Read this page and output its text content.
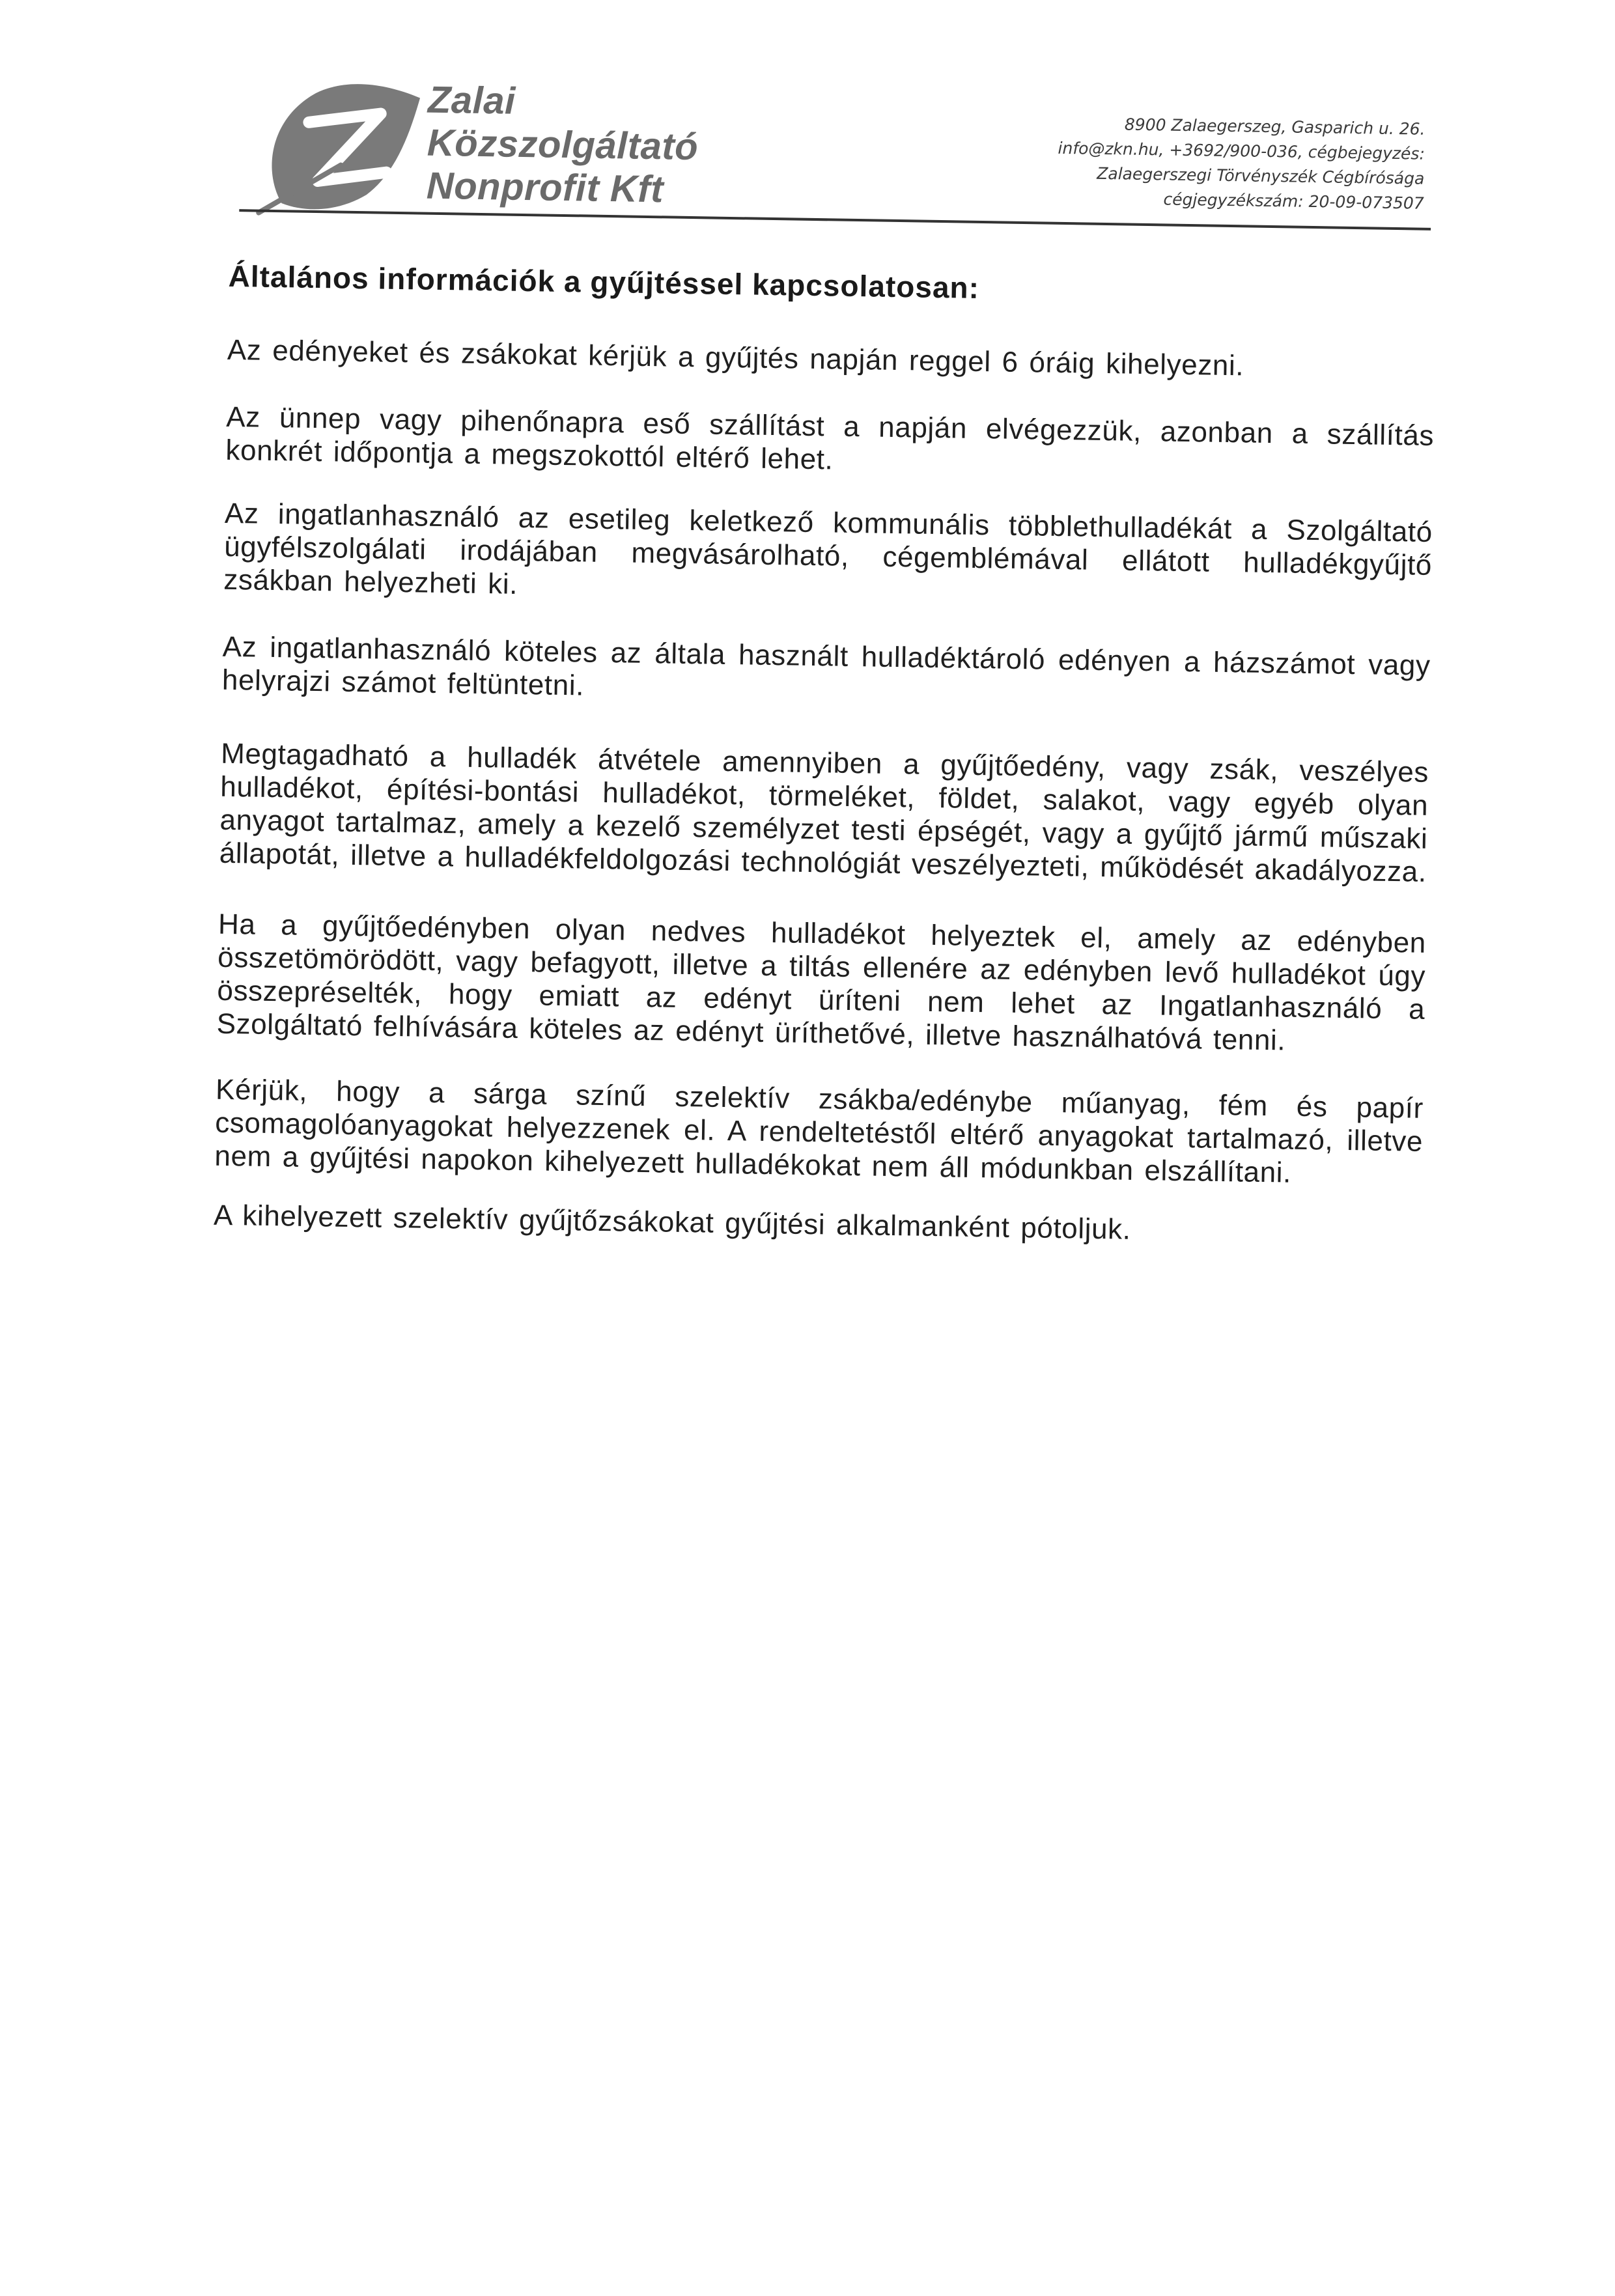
Zalai
Közszolgáltató
Nonprofit Kft
8900 Zalaegerszeg, Gasparich u. 26.
info@zkn.hu, +3692/900-036, cégbejegyzés:
Zalaegerszegi Törvényszék Cégbírósága
cégjegyzékszám: 20-09-073507
Általános információk a gyűjtéssel kapcsolatosan:

Az edényeket és zsákokat kérjük a gyűjtés napján reggel 6 óráig kihelyezni.

Az ünnep vagy pihenőnapra eső szállítást a napján elvégezzük, azonban a szállítás konkrét időpontja a megszokottól eltérő lehet.

Az ingatlanhasználó az esetileg keletkező kommunális többlethulladékát a Szolgáltató ügyfélszolgálati irodájában megvásárolható, cégemblémával ellátott hulladékgyűjtő zsákban helyezheti ki.

Az ingatlanhasználó köteles az általa használt hulladéktároló edényen a házszámot vagy helyrajzi számot feltüntetni.

Megtagadható a hulladék átvétele amennyiben a gyűjtőedény, vagy zsák, veszélyes hulladékot, építési-bontási hulladékot, törmeléket, földet, salakot, vagy egyéb olyan anyagot tartalmaz, amely a kezelő személyzet testi épségét, vagy a gyűjtő jármű műszaki állapotát, illetve a hulladékfeldolgozási technológiát veszélyezteti, működését akadályozza.

Ha a gyűjtőedényben olyan nedves hulladékot helyeztek el, amely az edényben összetömörödött, vagy befagyott, illetve a tiltás ellenére az edényben levő hulladékot úgy összepréselték, hogy emiatt az edényt üríteni nem lehet az Ingatlanhasználó a Szolgáltató felhívására köteles az edényt üríthetővé, illetve használhatóvá tenni.

Kérjük, hogy a sárga színű szelektív zsákba/edénybe műanyag, fém és papír csomagolóanyagokat helyezzenek el. A rendeltetéstől eltérő anyagokat tartalmazó, illetve nem a gyűjtési napokon kihelyezett hulladékokat nem áll módunkban elszállítani.

A kihelyezett szelektív gyűjtőzsákokat gyűjtési alkalmanként pótoljuk.
